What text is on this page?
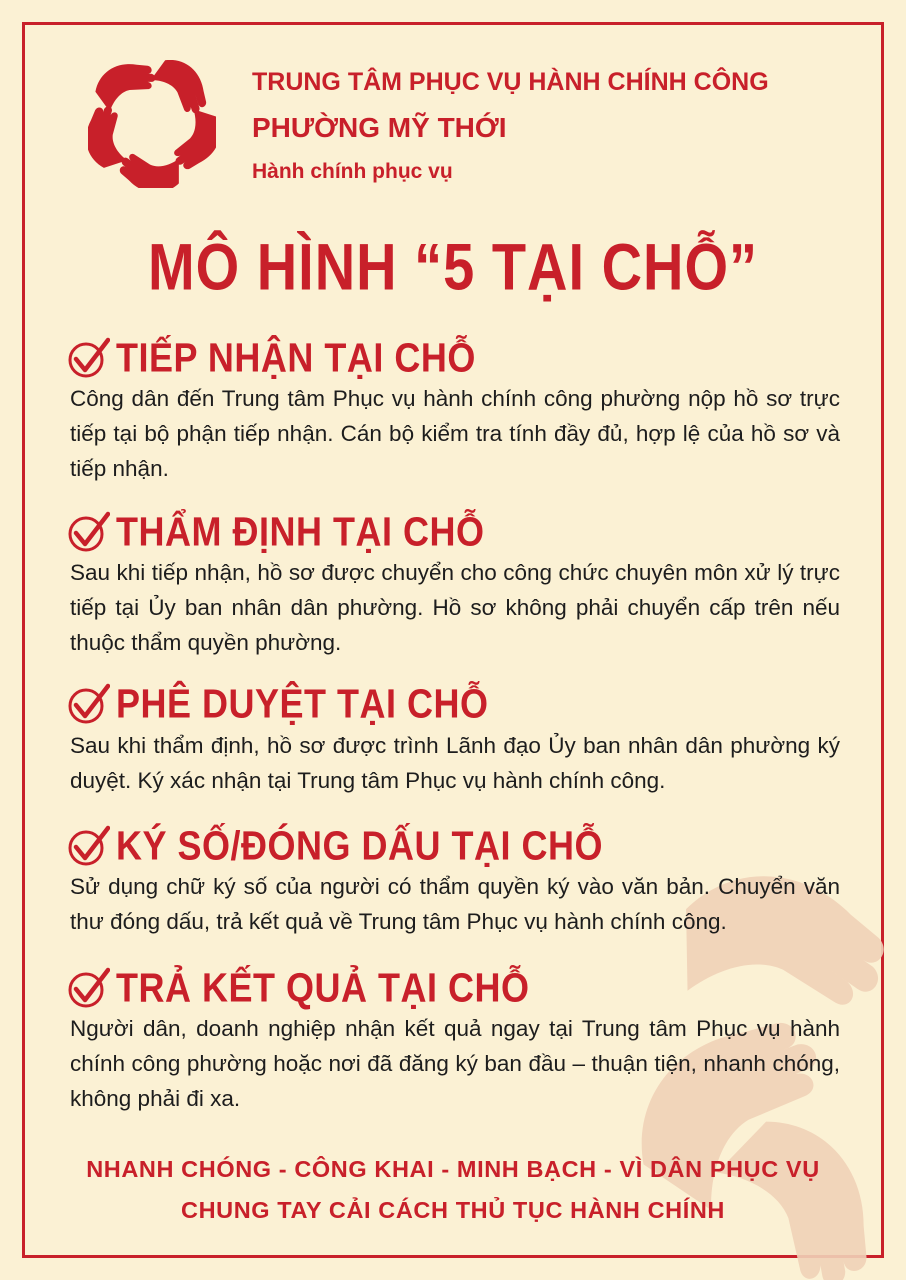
TRUNG TÂM PHỤC VỤ HÀNH CHÍNH CÔNG
PHƯỜNG MỸ THỚI
Hành chính phục vụ
MÔ HÌNH “5 TẠI CHỖ”
TIẾP NHẬN TẠI CHỖ

Công dân đến Trung tâm Phục vụ hành chính công phường nộp hồ sơ trực tiếp tại bộ phận tiếp nhận. Cán bộ kiểm tra tính đầy đủ, hợp lệ của hồ sơ và tiếp nhận.

THẨM ĐỊNH TẠI CHỖ

Sau khi tiếp nhận, hồ sơ được chuyển cho công chức chuyên môn xử lý trực tiếp tại Ủy ban nhân dân phường. Hồ sơ không phải chuyển cấp trên nếu thuộc thẩm quyền phường.

PHÊ DUYỆT TẠI CHỖ

Sau khi thẩm định, hồ sơ được trình Lãnh đạo Ủy ban nhân dân phường ký duyệt. Ký xác nhận tại Trung tâm Phục vụ hành chính công.

KÝ SỐ/ĐÓNG DẤU TẠI CHỖ

Sử dụng chữ ký số của người có thẩm quyền ký vào văn bản. Chuyển văn thư đóng dấu, trả kết quả về Trung tâm Phục vụ hành chính công.

TRẢ KẾT QUẢ TẠI CHỖ

Người dân, doanh nghiệp nhận kết quả ngay tại Trung tâm Phục vụ hành chính công phường hoặc nơi đã đăng ký ban đầu – thuận tiện, nhanh chóng, không phải đi xa.

NHANH CHÓNG - CÔNG KHAI - MINH BẠCH - VÌ DÂN PHỤC VỤ
CHUNG TAY CẢI CÁCH THỦ TỤC HÀNH CHÍNH
